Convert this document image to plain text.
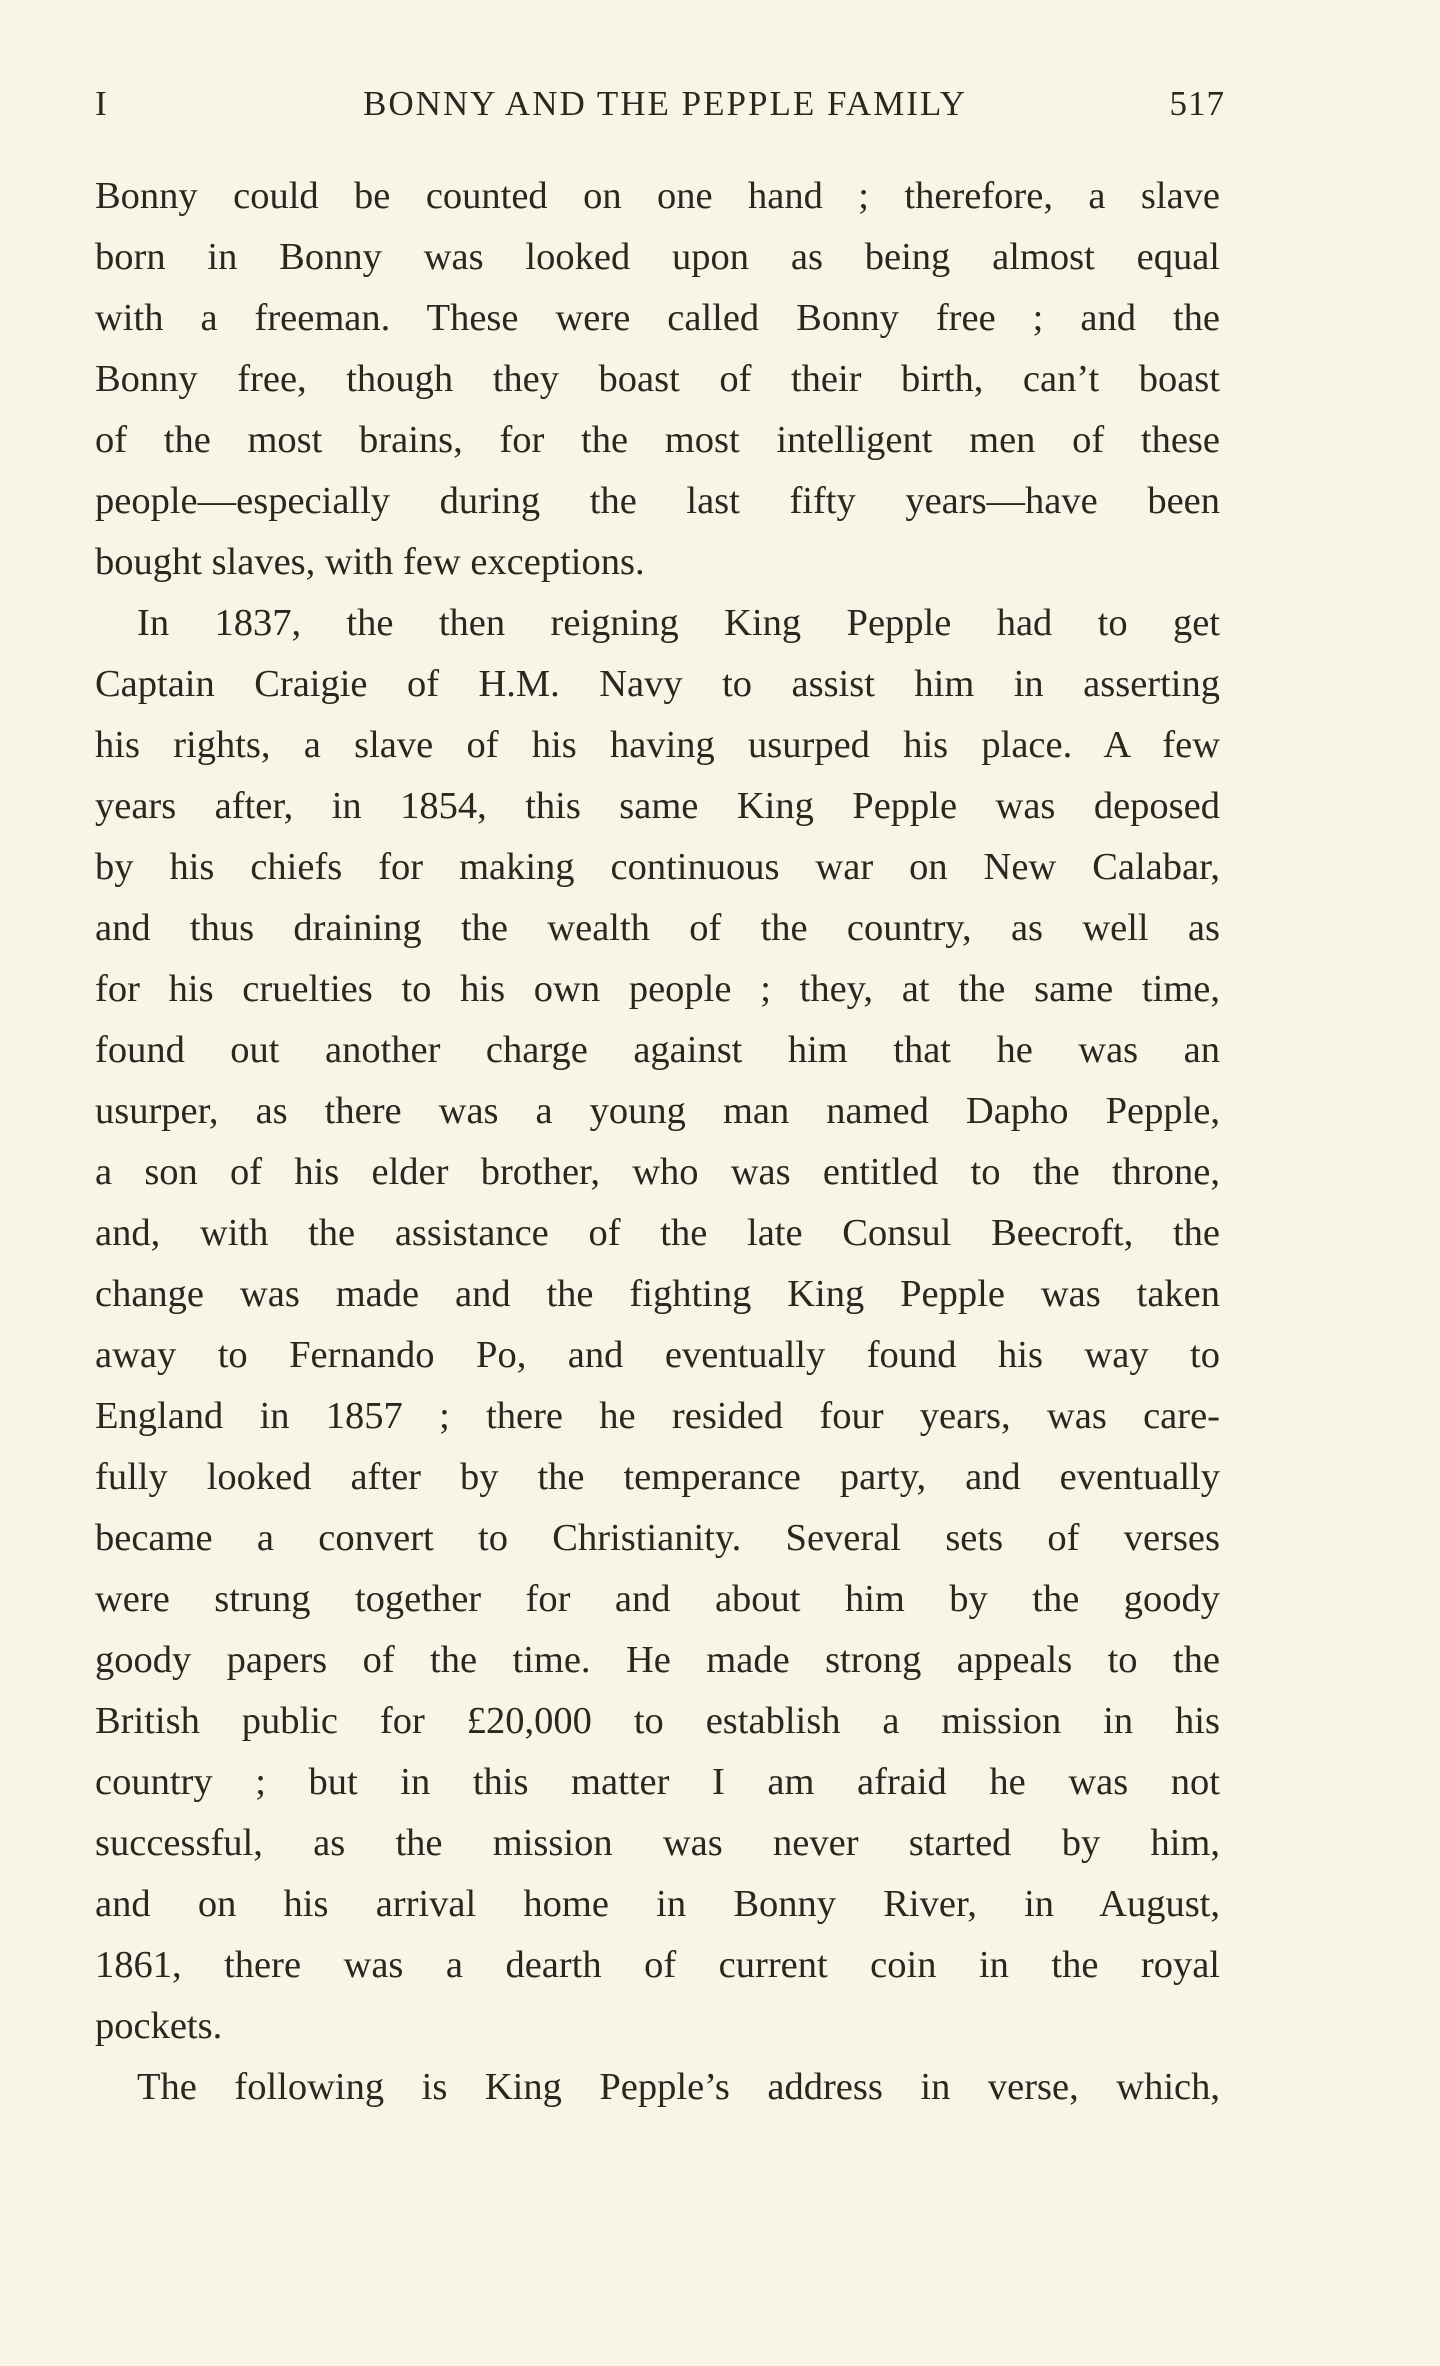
I	BONNY AND THE PEPPLE FAMILY	517
Bonny could be counted on one hand ; therefore, a slave
born in Bonny was looked upon as being almost equal
with a freeman. These were called Bonny free ; and the
Bonny free, though they boast of their birth, can’t boast
of the most brains, for the most intelligent men of these
people—especially during the last fifty years—have been
bought slaves, with few exceptions.
In 1837, the then reigning King Pepple had to get
Captain Craigie of H.M. Navy to assist him in asserting
his rights, a slave of his having usurped his place. A few
years after, in 1854, this same King Pepple was deposed
by his chiefs for making continuous war on New Calabar,
and thus draining the wealth of the country, as well as
for his cruelties to his own people ; they, at the same time,
found out another charge against him that he was an
usurper, as there was a young man named Dapho Pepple,
a son of his elder brother, who was entitled to the throne,
and, with the assistance of the late Consul Beecroft, the
change was made and the fighting King Pepple was taken
away to Fernando Po, and eventually found his way to
England in 1857 ; there he resided four years, was care-
fully looked after by the temperance party, and eventually
became a convert to Christianity. Several sets of verses
were strung together for and about him by the goody
goody papers of the time. He made strong appeals to the
British public for £20,000 to establish a mission in his
country ; but in this matter I am afraid he was not
successful, as the mission was never started by him,
and on his arrival home in Bonny River, in August,
1861, there was a dearth of current coin in the royal
pockets.
The following is King Pepple’s address in verse, which,
